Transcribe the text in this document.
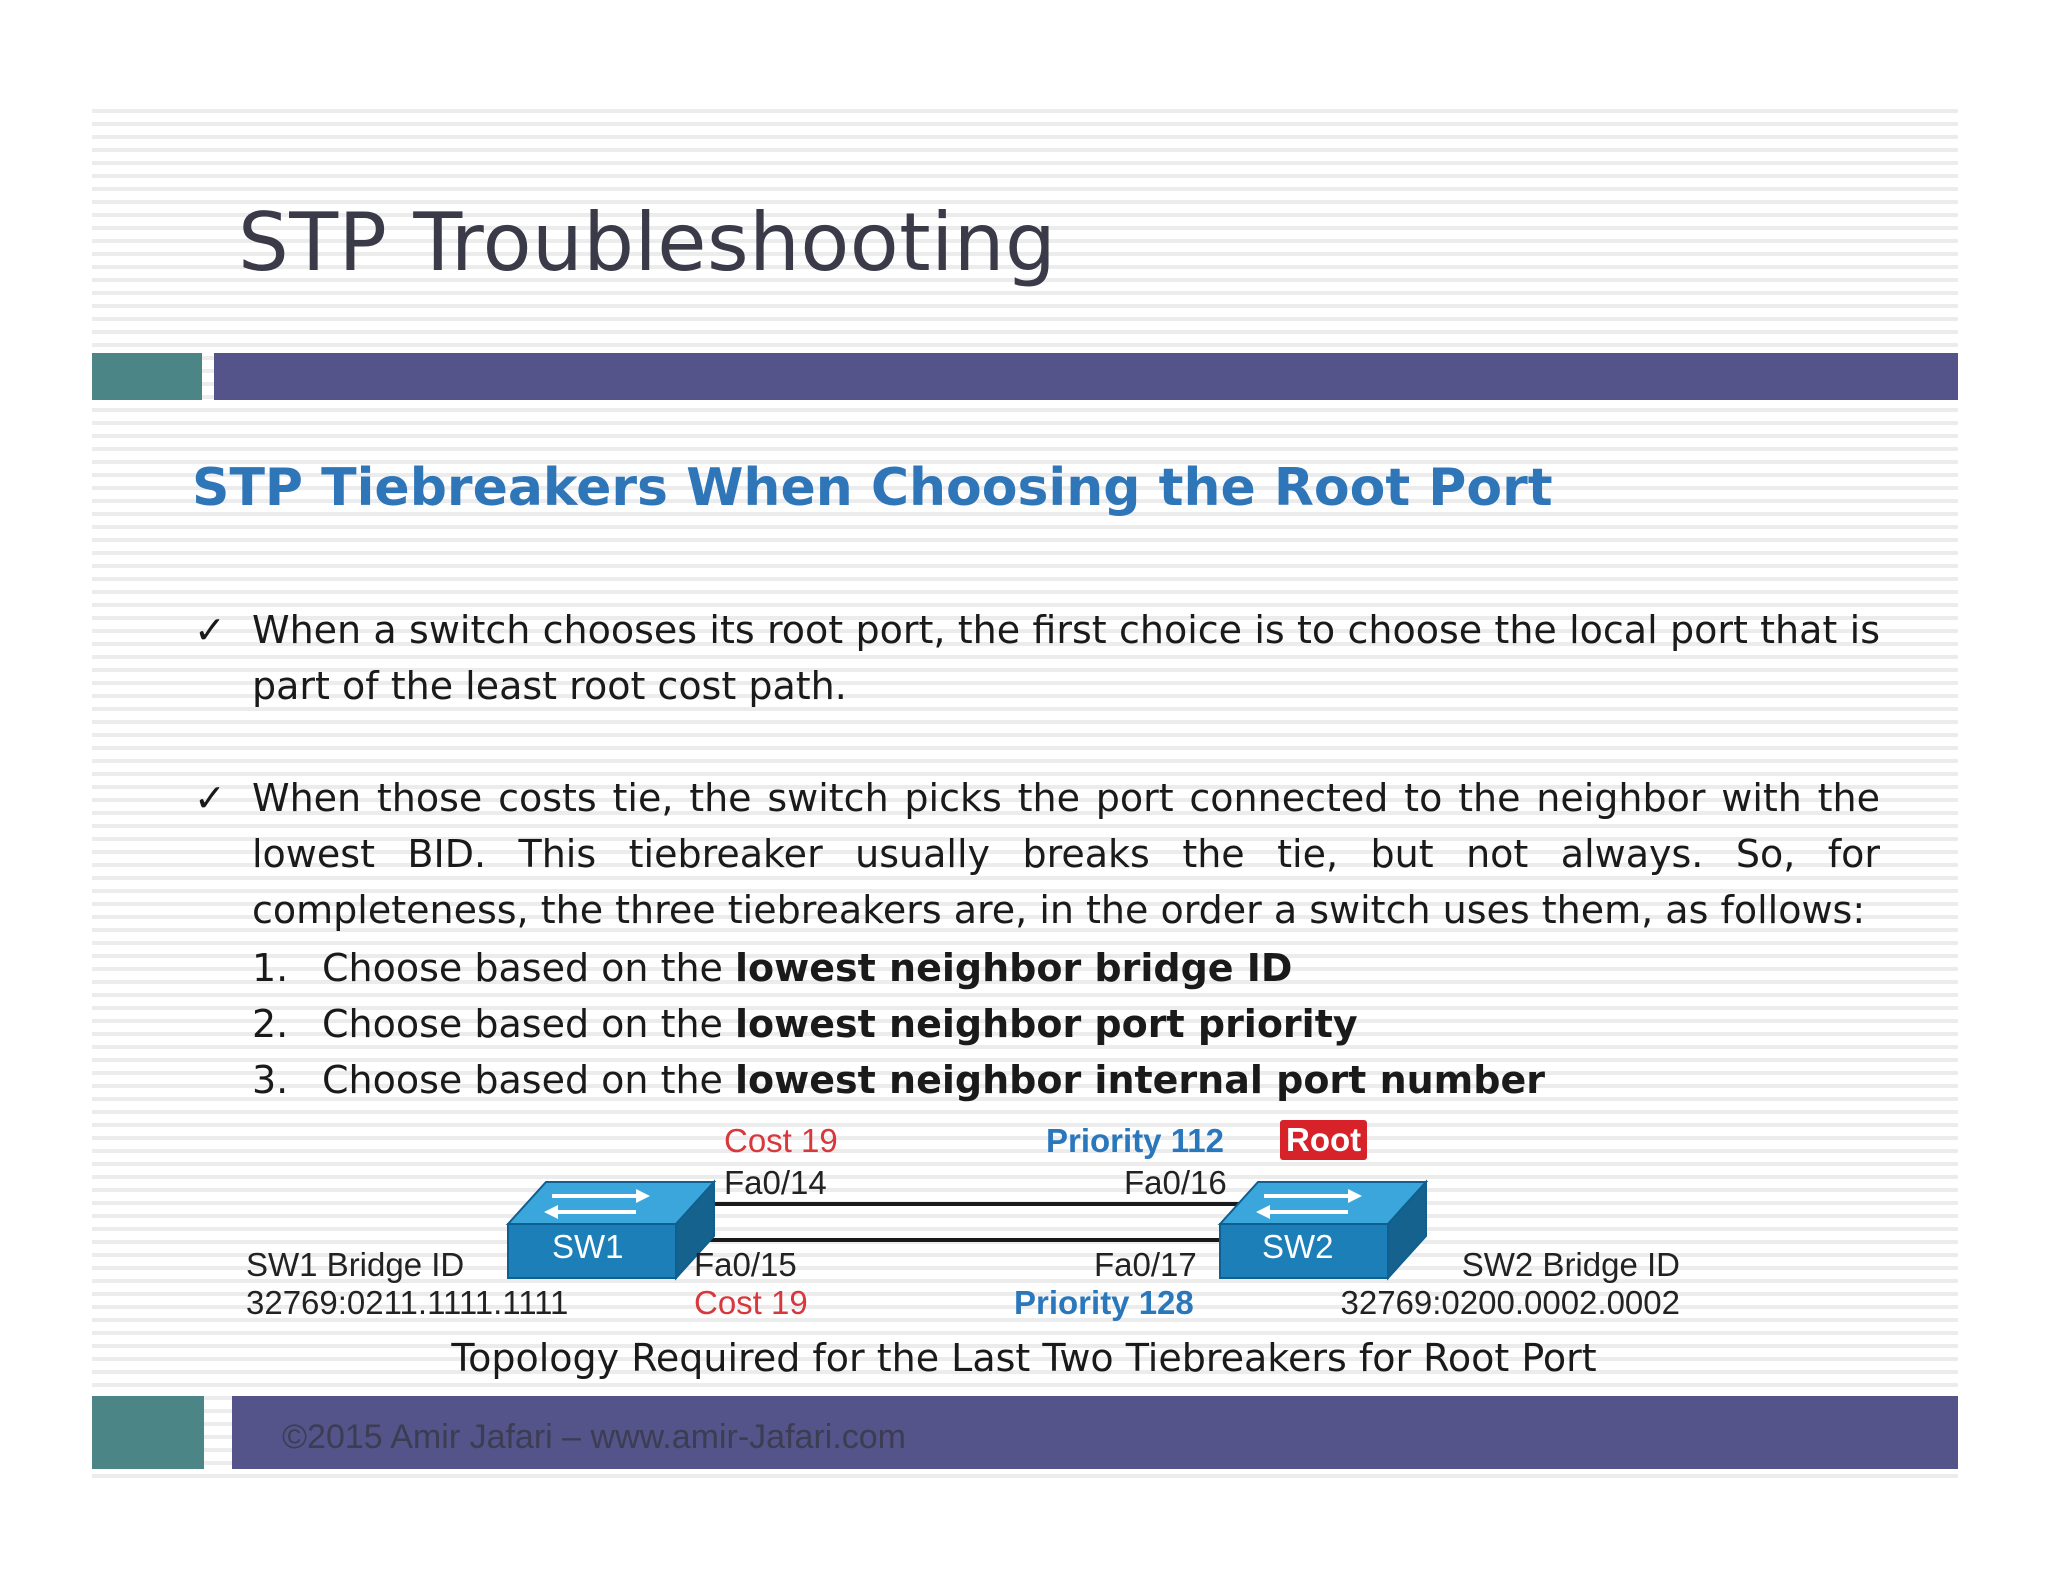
STP Troubleshooting
STP Tiebreakers When Choosing the Root Port
✓ When a switch chooses its root port, the first choice is to choose the local port that is part of the least root cost path.
✓ When those costs tie, the switch picks the port connected to the neighbor with the lowest BID. This tiebreaker usually breaks the tie, but not always. So, for completeness, the three tiebreakers are, in the order a switch uses them, as follows:
1. Choose based on the lowest neighbor bridge ID
2. Choose based on the lowest neighbor port priority
3. Choose based on the lowest neighbor internal port number
SW1	SW2
Cost 19
Fa0/14
Fa0/15
Cost 19
Priority 112 Root
Fa0/16
Fa0/17
Priority 128
SW1 Bridge ID
32769:0211.1111.1111
SW2 Bridge ID
32769:0200.0002.0002
Topology Required for the Last Two Tiebreakers for Root Port
©2015 Amir Jafari – www.amir-Jafari.com
